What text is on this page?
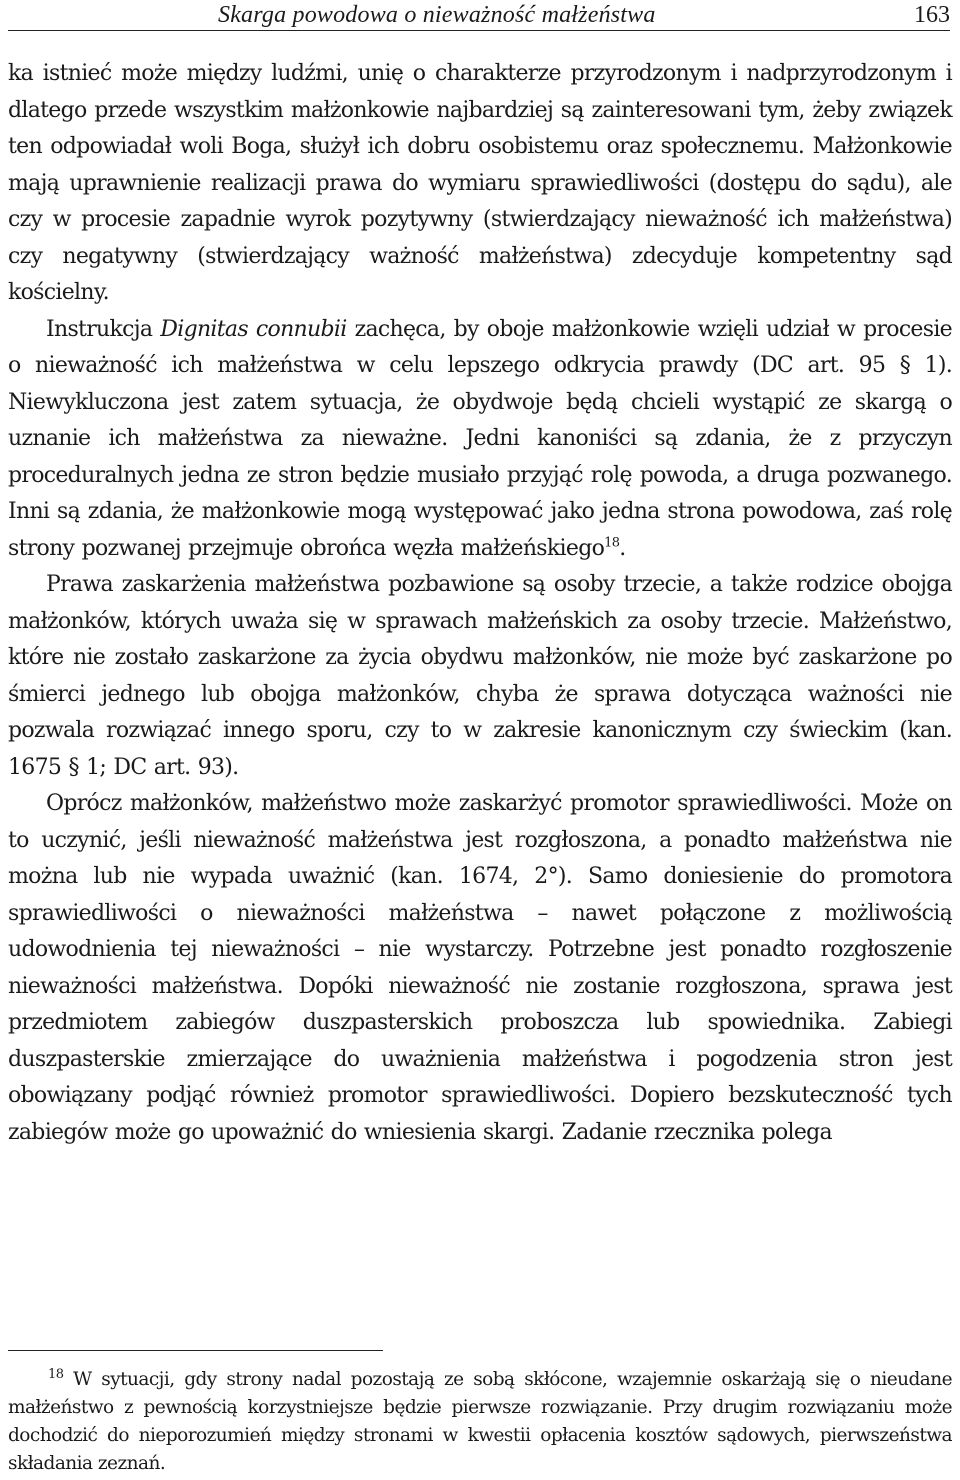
Skarga powodowa o nieważność małżeństwa	163

ka istnieć może między ludźmi, unię o charakterze przyrodzonym i nadprzyrodzonym i dlatego przede wszystkim małżonkowie najbardziej są zainteresowani tym, żeby związek ten odpowiadał woli Boga, służył ich dobru osobistemu oraz społecznemu. Małżonkowie mają uprawnienie realizacji prawa do wymiaru sprawiedliwości (dostępu do sądu), ale czy w procesie zapadnie wyrok pozytywny (stwierdzający nieważność ich małżeństwa) czy negatywny (stwierdzający ważność małżeństwa) zdecyduje kompetentny sąd kościelny.

Instrukcja Dignitas connubii zachęca, by oboje małżonkowie wzięli udział w procesie o nieważność ich małżeństwa w celu lepszego odkrycia prawdy (DC art. 95 § 1). Niewykluczona jest zatem sytuacja, że obydwoje będą chcieli wystąpić ze skargą o uznanie ich małżeństwa za nieważne. Jedni kanoniści są zdania, że z przyczyn proceduralnych jedna ze stron będzie musiało przyjąć rolę powoda, a druga pozwanego. Inni są zdania, że małżonkowie mogą występować jako jedna strona powodowa, zaś rolę strony pozwanej przejmuje obrońca węzła małżeńskiego$^{18}$.

Prawa zaskarżenia małżeństwa pozbawione są osoby trzecie, a także rodzice obojga małżonków, których uważa się w sprawach małżeńskich za osoby trzecie. Małżeństwo, które nie zostało zaskarżone za życia obydwu małżonków, nie może być zaskarżone po śmierci jednego lub obojga małżonków, chyba że sprawa dotycząca ważności nie pozwala rozwiązać innego sporu, czy to w zakresie kanonicznym czy świeckim (kan. 1675 § 1; DC art. 93).

Oprócz małżonków, małżeństwo może zaskarżyć promotor sprawiedliwości. Może on to uczynić, jeśli nieważność małżeństwa jest rozgłoszona, a ponadto małżeństwa nie można lub nie wypada uważnić (kan. 1674, 2°). Samo doniesienie do promotora sprawiedliwości o nieważności małżeństwa – nawet połączone z możliwością udowodnienia tej nieważności – nie wystarczy. Potrzebne jest ponadto rozgłoszenie nieważności małżeństwa. Dopóki nieważność nie zostanie rozgłoszona, sprawa jest przedmiotem zabiegów duszpasterskich proboszcza lub spowiednika. Zabiegi duszpasterskie zmierzające do uważnienia małżeństwa i pogodzenia stron jest obowiązany podjąć również promotor sprawiedliwości. Dopiero bezskuteczność tych zabiegów może go upoważnić do wniesienia skargi. Zadanie rzecznika polega

$^{18}$ W sytuacji, gdy strony nadal pozostają ze sobą skłócone, wzajemnie oskarżają się o nieudane małżeństwo z pewnością korzystniejsze będzie pierwsze rozwiązanie. Przy drugim rozwiązaniu może dochodzić do nieporozumień między stronami w kwestii opłacenia kosztów sądowych, pierwszeństwa składania zeznań.
